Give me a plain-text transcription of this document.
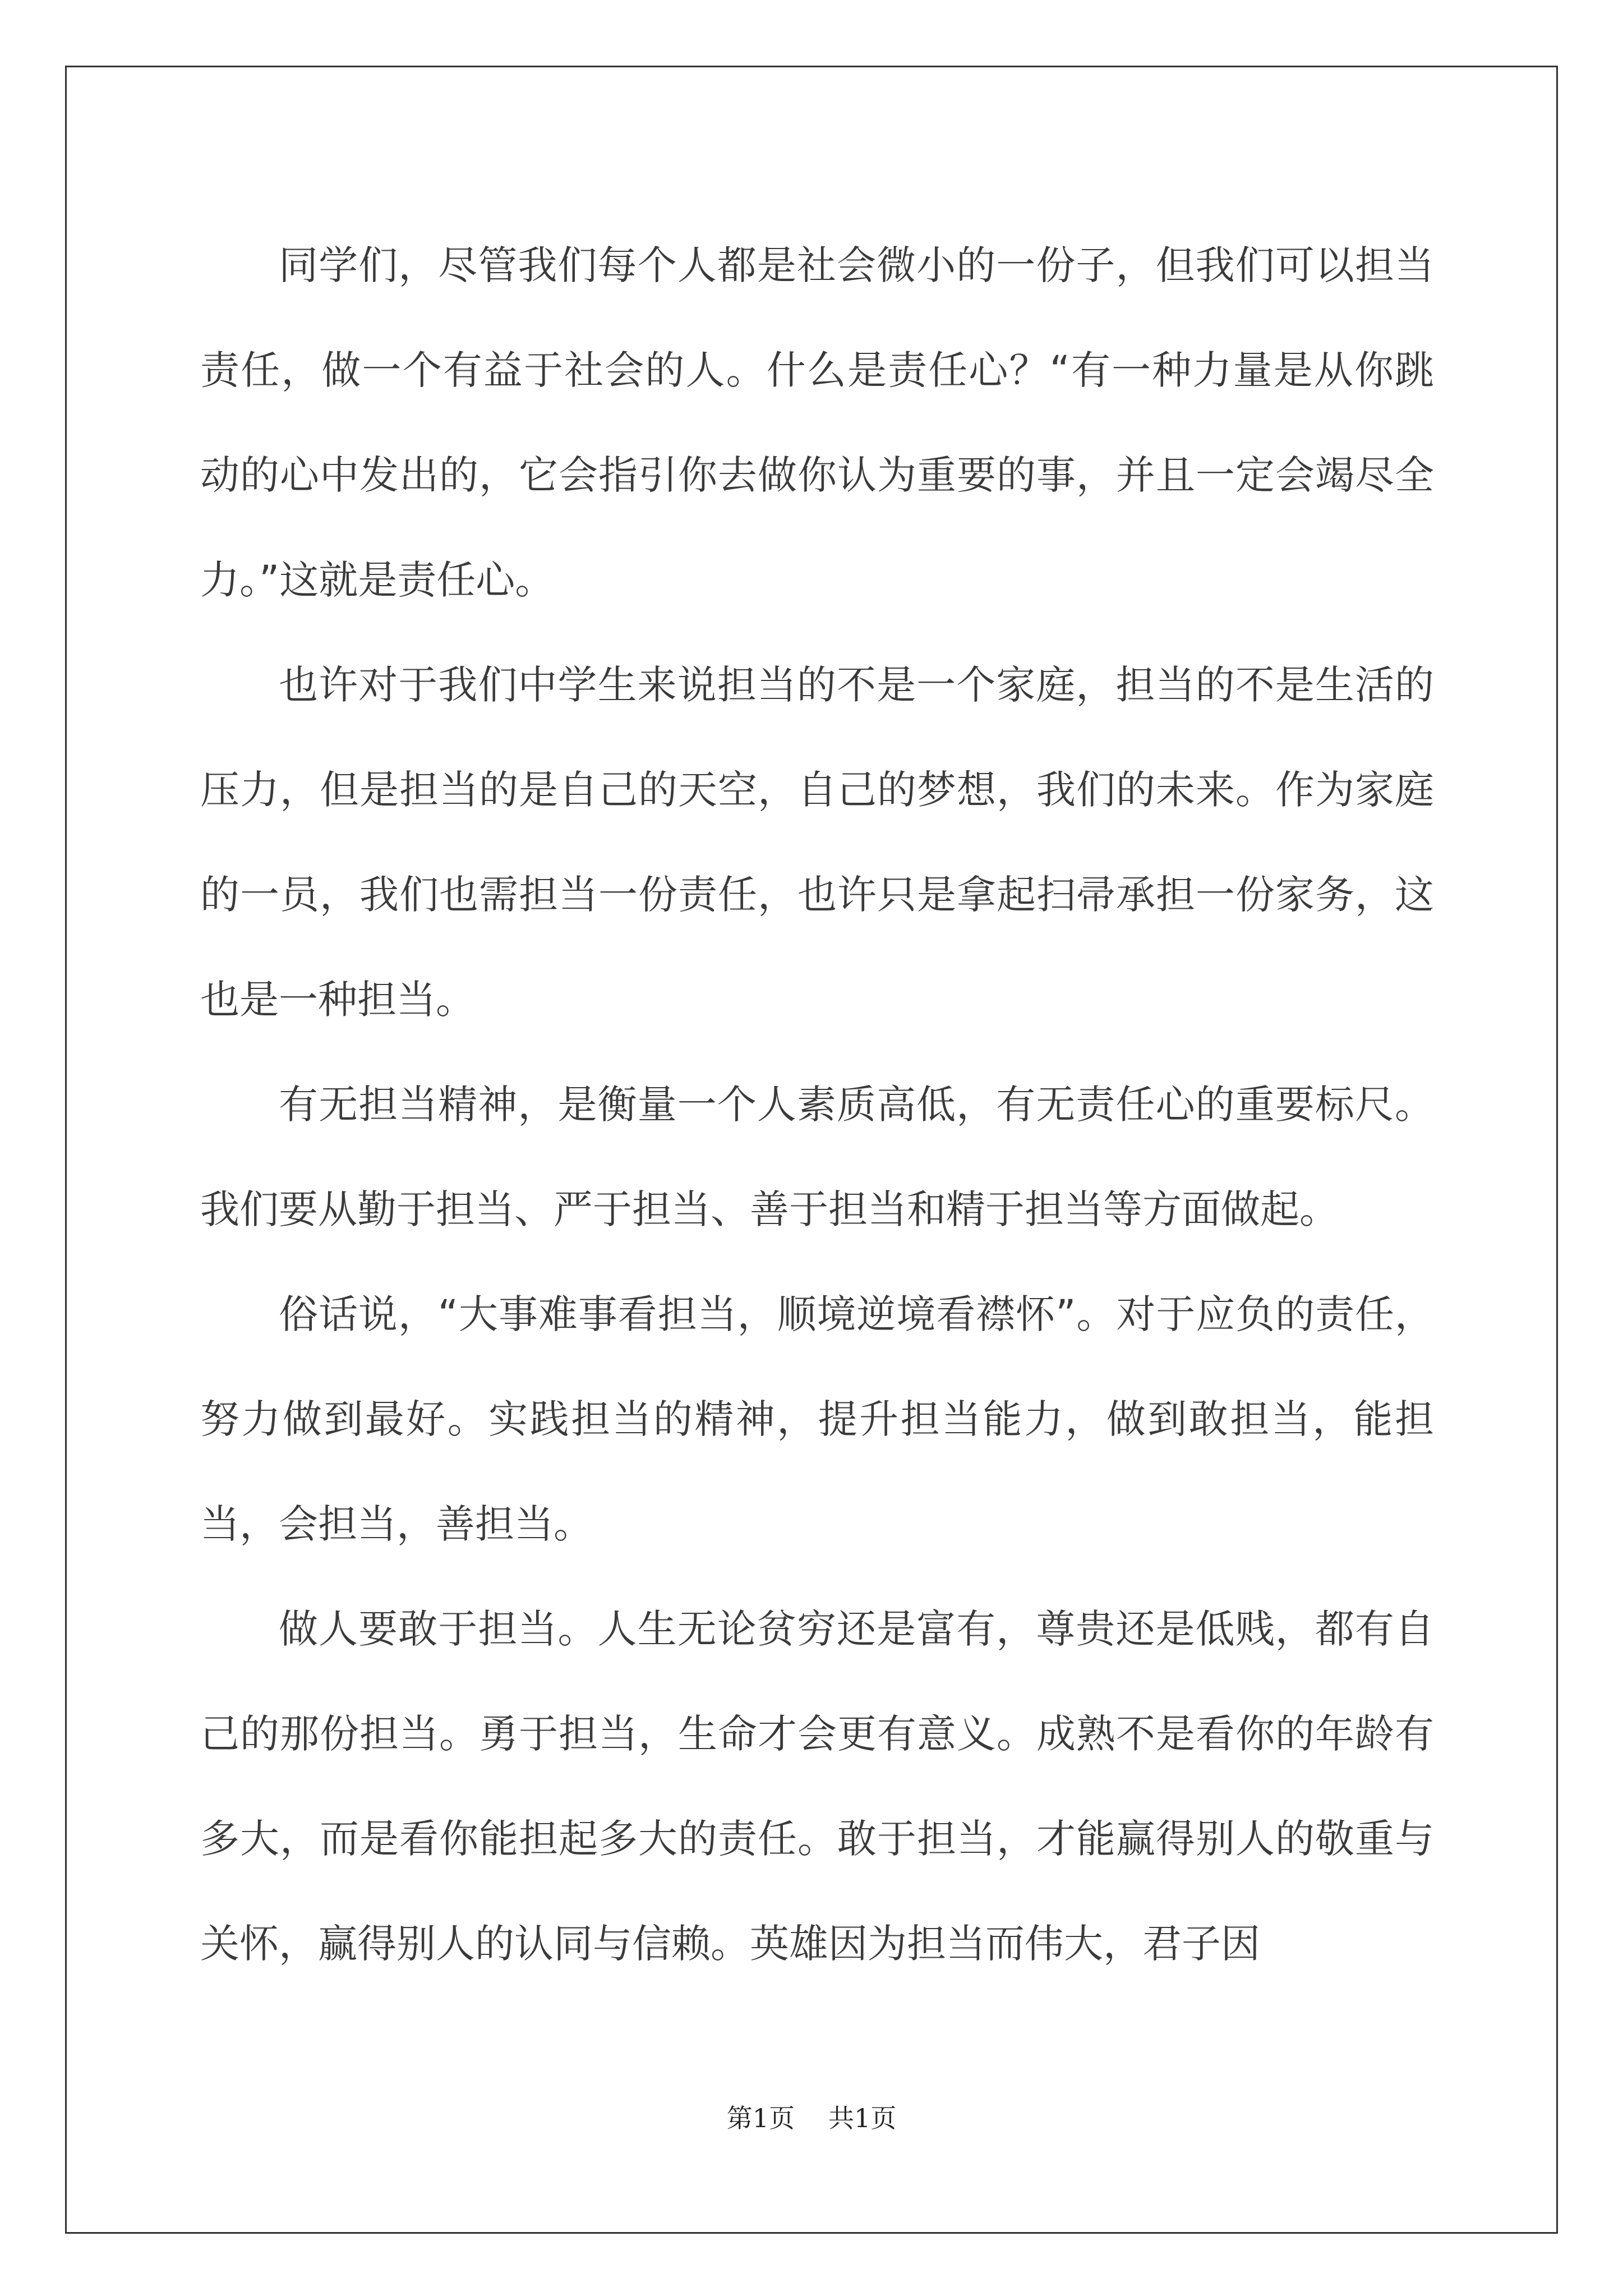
同学们，尽管我们每个人都是社会微小的一份子，但我们可以担当责任，做一个有益于社会的人。什么是责任心？“有一种力量是从你跳动的心中发出的，它会指引你去做你认为重要的事，并且一定会竭尽全力。”这就是责任心。

也许对于我们中学生来说担当的不是一个家庭，担当的不是生活的压力，但是担当的是自己的天空，自己的梦想，我们的未来。作为家庭的一员，我们也需担当一份责任，也许只是拿起扫帚承担一份家务，这也是一种担当。

有无担当精神，是衡量一个人素质高低，有无责任心的重要标尺。我们要从勤于担当、严于担当、善于担当和精于担当等方面做起。

俗话说，“大事难事看担当，顺境逆境看襟怀”。对于应负的责任，努力做到最好。实践担当的精神，提升担当能力，做到敢担当，能担当，会担当，善担当。

做人要敢于担当。人生无论贫穷还是富有，尊贵还是低贱，都有自己的那份担当。勇于担当，生命才会更有意义。成熟不是看你的年龄有多大，而是看你能担起多大的责任。敢于担当，才能赢得别人的敬重与关怀，赢得别人的认同与信赖。英雄因为担当而伟大，君子因

第1页 共1页
